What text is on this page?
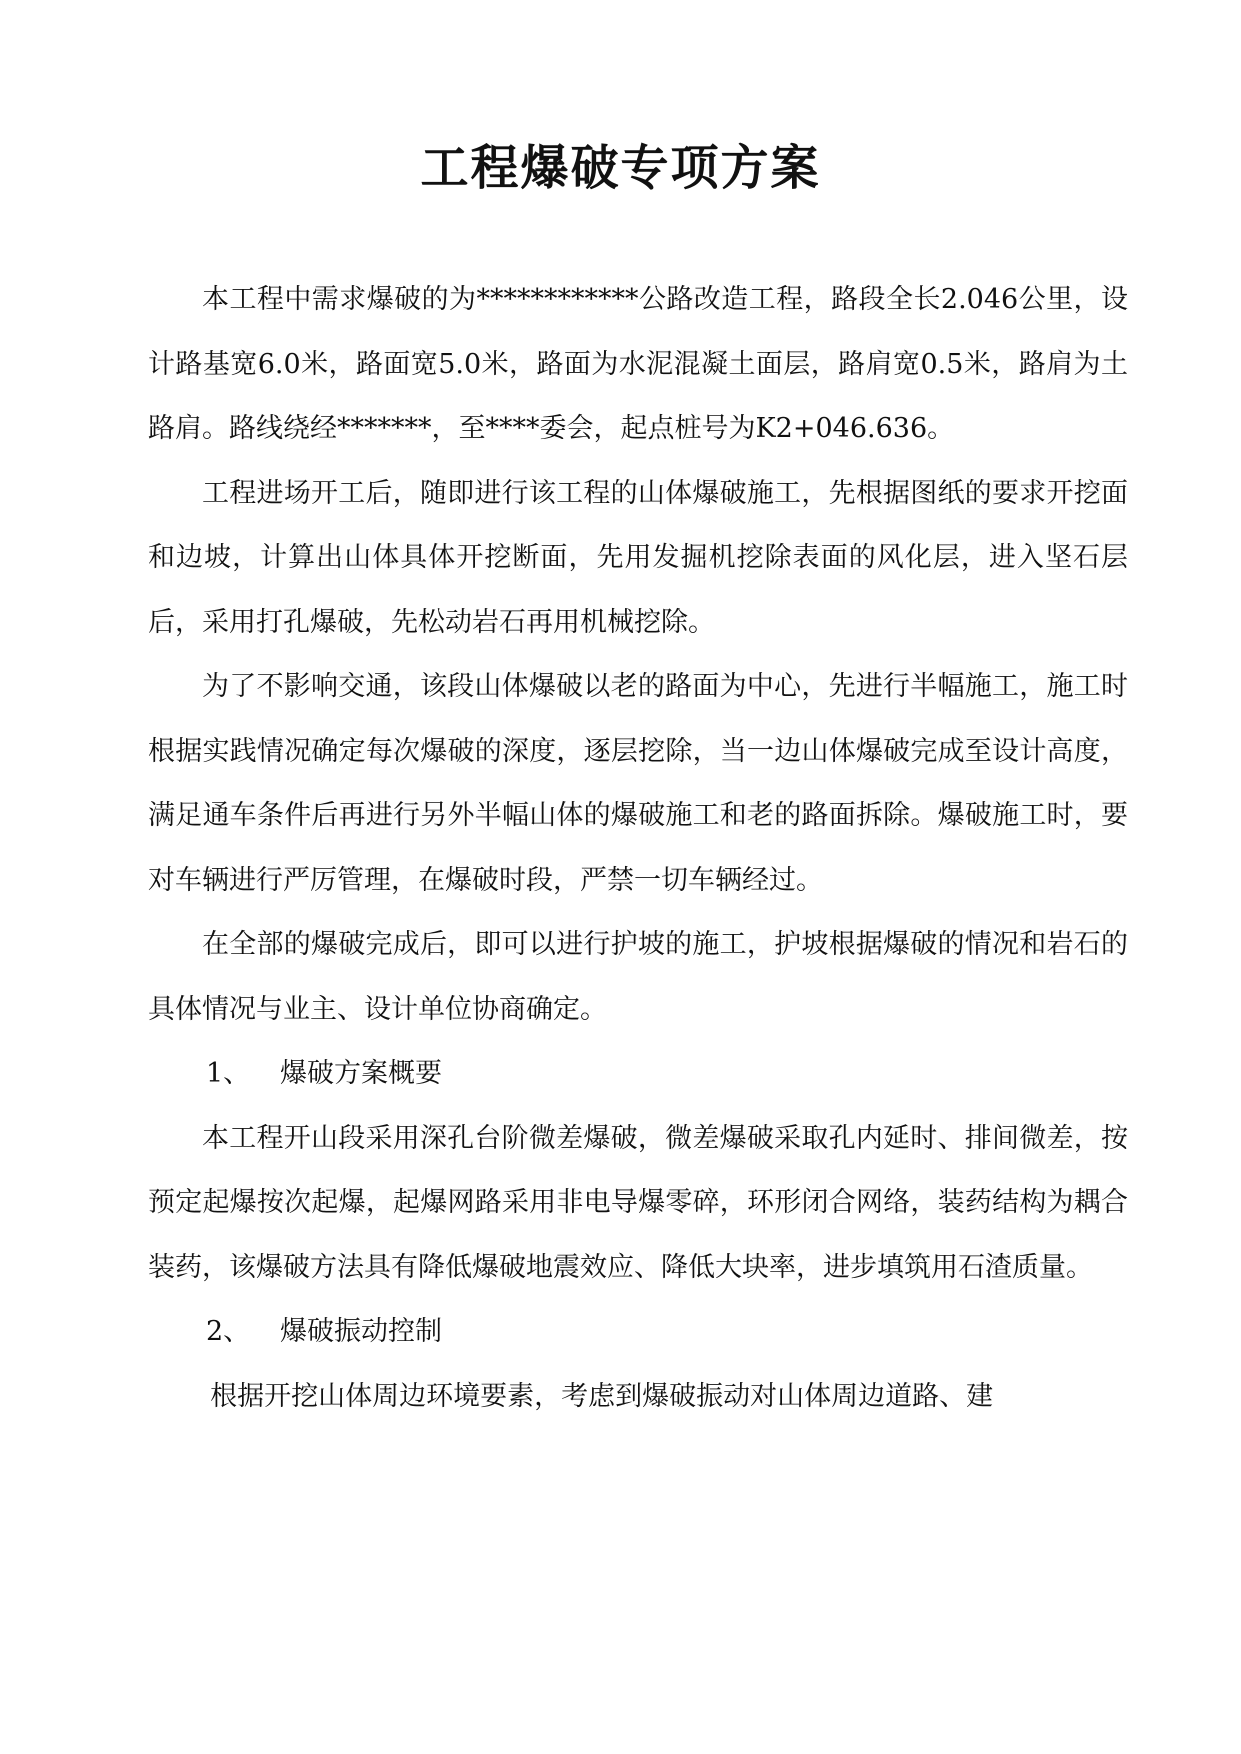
工程爆破专项方案

本工程中需求爆破的为************公路改造工程，路段全长2.046公里，设计路基宽6.0米，路面宽5.0米，路面为水泥混凝土面层，路肩宽0.5米，路肩为土路肩。路线绕经*******，至****委会，起点桩号为K2+046.636。

工程进场开工后，随即进行该工程的山体爆破施工，先根据图纸的要求开挖面和边坡，计算出山体具体开挖断面，先用发掘机挖除表面的风化层，进入坚石层后，采用打孔爆破，先松动岩石再用机械挖除。

为了不影响交通，该段山体爆破以老的路面为中心，先进行半幅施工，施工时根据实践情况确定每次爆破的深度，逐层挖除，当一边山体爆破完成至设计高度，满足通车条件后再进行另外半幅山体的爆破施工和老的路面拆除。爆破施工时，要对车辆进行严厉管理，在爆破时段，严禁一切车辆经过。

在全部的爆破完成后，即可以进行护坡的施工，护坡根据爆破的情况和岩石的具体情况与业主、设计单位协商确定。

1、 爆破方案概要

本工程开山段采用深孔台阶微差爆破，微差爆破采取孔内延时、排间微差，按预定起爆按次起爆，起爆网路采用非电导爆零碎，环形闭合网络，装药结构为耦合装药，该爆破方法具有降低爆破地震效应、降低大块率，进步填筑用石渣质量。

2、 爆破振动控制

根据开挖山体周边环境要素，考虑到爆破振动对山体周边道路、建
